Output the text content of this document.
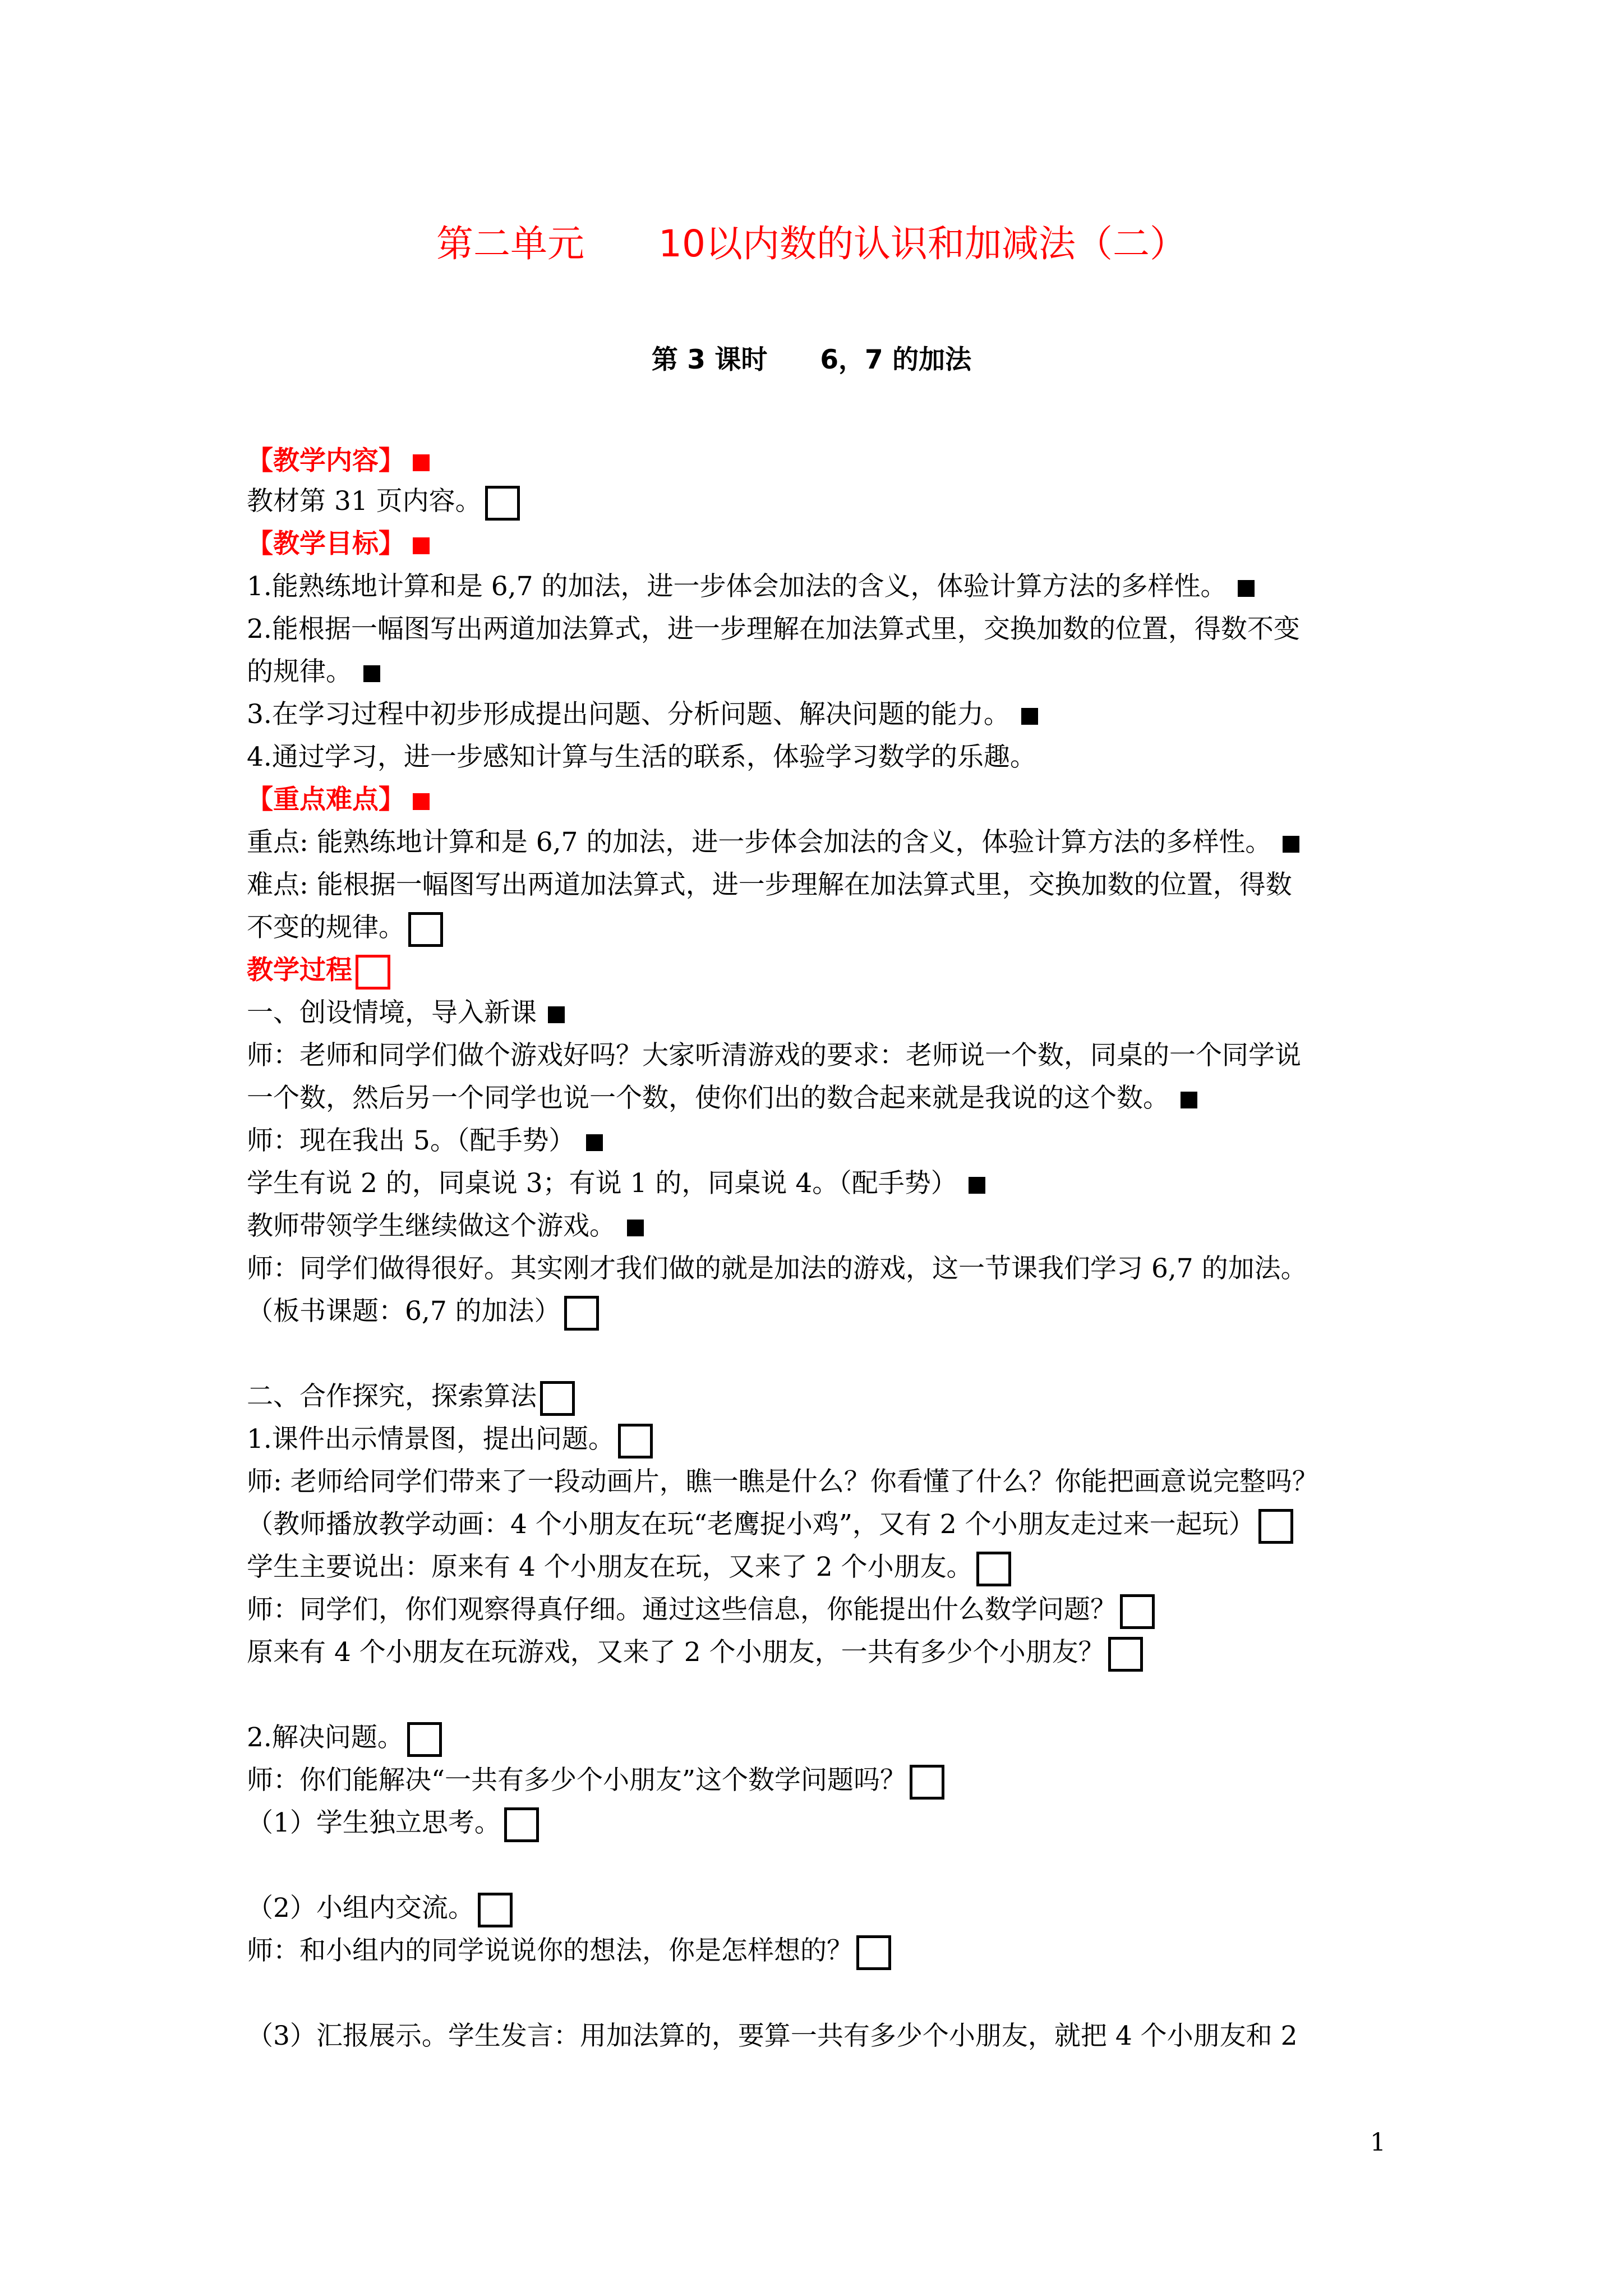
第二单元　　10以内数的认识和加减法（二）
第 3 课时　　6，7 的加法
【教学内容】
教材第 31 页内容。
【教学目标】
1.能熟练地计算和是 6,7 的加法，进一步体会加法的含义，体验计算方法的多样性。
2.能根据一幅图写出两道加法算式，进一步理解在加法算式里，交换加数的位置，得数不变
的规律。
3.在学习过程中初步形成提出问题、分析问题、解决问题的能力。
4.通过学习，进一步感知计算与生活的联系，体验学习数学的乐趣。
【重点难点】
重点: 能熟练地计算和是 6,7 的加法，进一步体会加法的含义，体验计算方法的多样性。
难点: 能根据一幅图写出两道加法算式，进一步理解在加法算式里，交换加数的位置，得数
不变的规律。
教学过程
一、创设情境，导入新课
师：老师和同学们做个游戏好吗？大家听清游戏的要求：老师说一个数，同桌的一个同学说
一个数，然后另一个同学也说一个数，使你们出的数合起来就是我说的这个数。
师：现在我出 5。（配手势）
学生有说 2 的，同桌说 3；有说 1 的，同桌说 4。（配手势）
教师带领学生继续做这个游戏。
师：同学们做得很好。其实刚才我们做的就是加法的游戏，这一节课我们学习 6,7 的加法。
（板书课题：6,7 的加法）
二、合作探究，探索算法
1.课件出示情景图，提出问题。
师: 老师给同学们带来了一段动画片，瞧一瞧是什么？你看懂了什么？你能把画意说完整吗？
（教师播放教学动画：4 个小朋友在玩“老鹰捉小鸡”，又有 2 个小朋友走过来一起玩）
学生主要说出：原来有 4 个小朋友在玩，又来了 2 个小朋友。
师：同学们，你们观察得真仔细。通过这些信息，你能提出什么数学问题？
原来有 4 个小朋友在玩游戏，又来了 2 个小朋友，一共有多少个小朋友？
2.解决问题。
师：你们能解决“一共有多少个小朋友”这个数学问题吗？
（1）学生独立思考。
（2）小组内交流。
师：和小组内的同学说说你的想法，你是怎样想的？
（3）汇报展示。学生发言：用加法算的，要算一共有多少个小朋友，就把 4 个小朋友和 2
1
